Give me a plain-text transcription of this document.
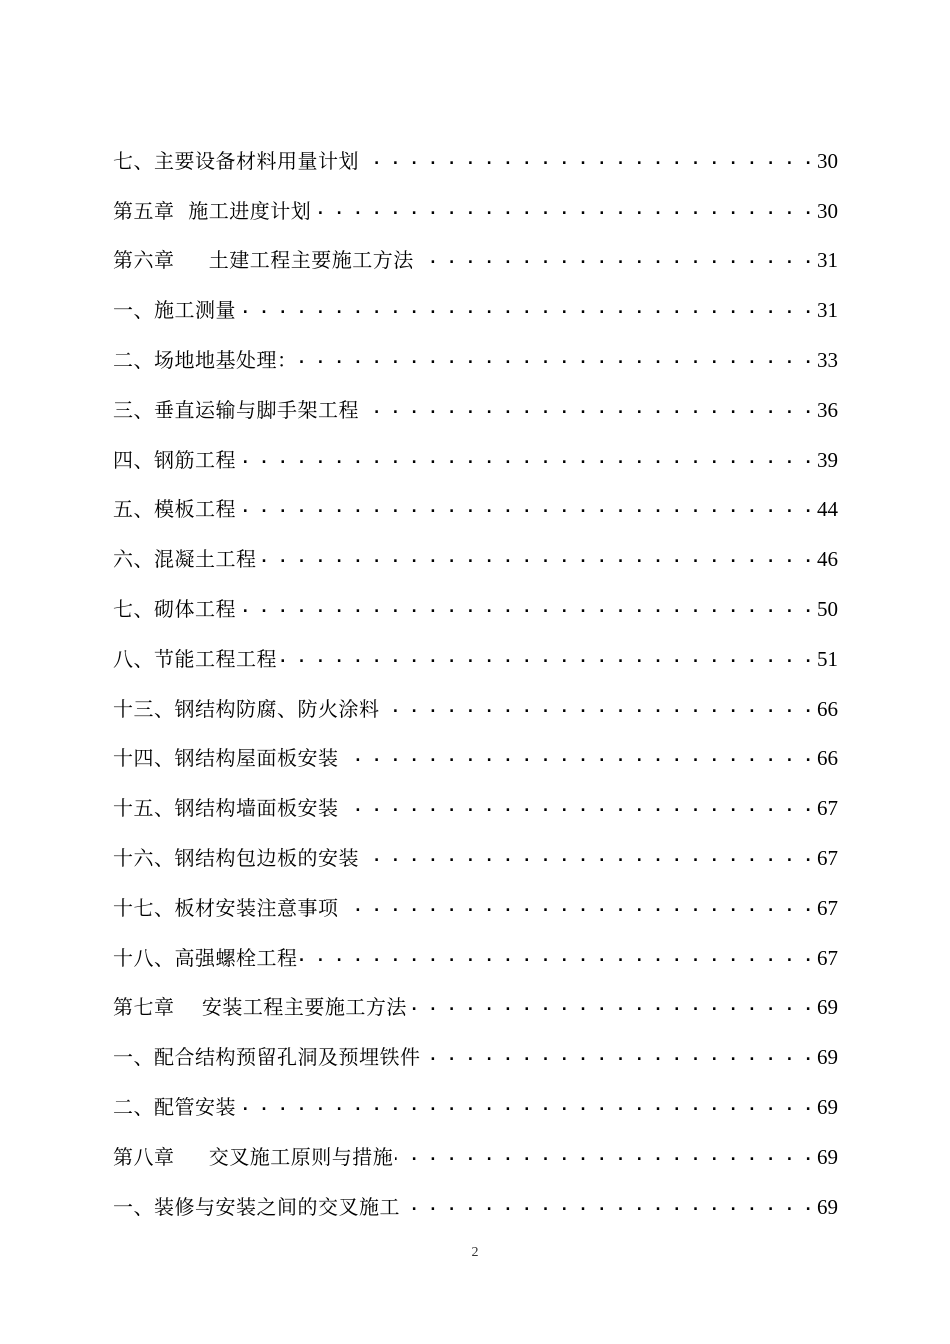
七、主要设备材料用量计划 . . .	30
第五章  施工进度计划 . . .	30
第六章     土建工程主要施工方法 . . .	31
一、施工测量 . . .	31
二、场地地基处理： . . .	33
三、垂直运输与脚手架工程 . . .	36
四、钢筋工程 . . .	39
五、模板工程 . . .	44
六、混凝土工程 . . .	46
七、砌体工程 . . .	50
八、节能工程工程 . . .	51
十三、钢结构防腐、防火涂料 . . .	66
十四、钢结构屋面板安装 . . .	66
十五、钢结构墙面板安装 . . .	67
十六、钢结构包边板的安装 . . .	67
十七、板材安装注意事项 . . .	67
十八、高强螺栓工程 . . .	67
第七章    安装工程主要施工方法 . . .	69
一、配合结构预留孔洞及预埋铁件 . . .	69
二、配管安装 . . .	69
第八章     交叉施工原则与措施 . . .	69
一、装修与安装之间的交叉施工 . . .	69
2
